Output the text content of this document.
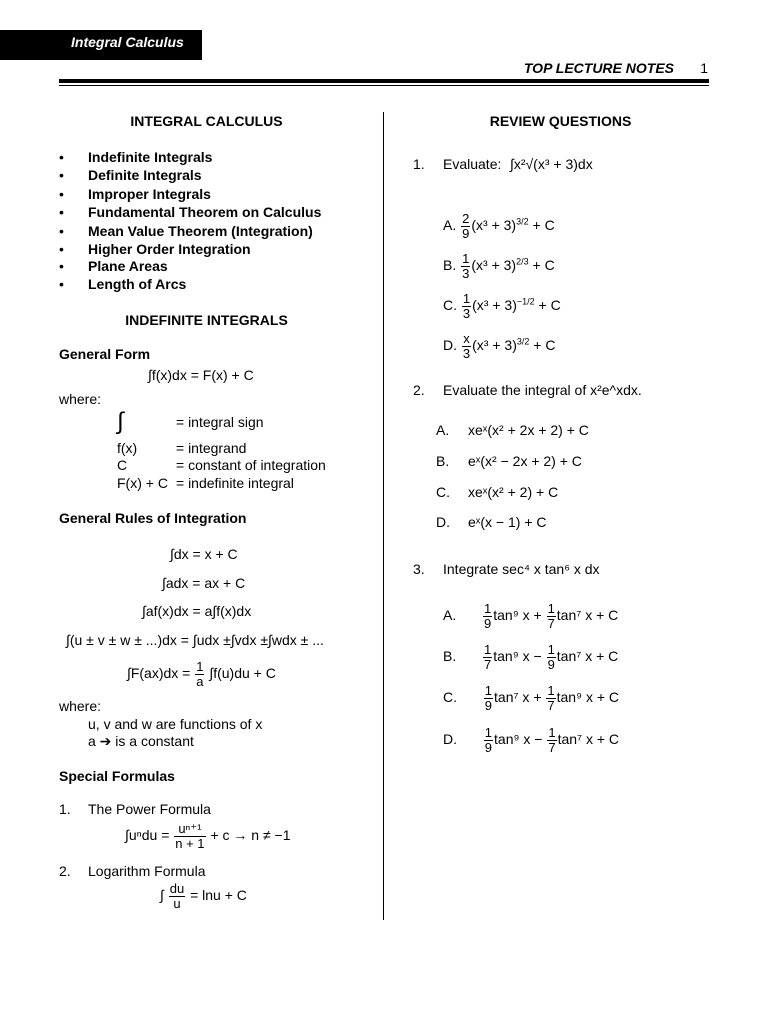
Integral Calculus
TOP LECTURE NOTES 1
INTEGRAL CALCULUS
• Indefinite Integrals
• Definite Integrals
• Improper Integrals
• Fundamental Theorem on Calculus
• Mean Value Theorem (Integration)
• Higher Order Integration
• Plane Areas
• Length of Arcs
INDEFINITE INTEGRALS
General Form
∫f(x)dx = F(x) + C
where:
∫	= integral sign
f(x)	= integrand
C	= constant of integration
F(x) + C = indefinite integral
General Rules of Integration
∫dx = x + C
∫adx = ax + C
∫af(x)dx = a∫f(x)dx
∫(u ± v ± w ± ...)dx = ∫udx ±∫vdx ±∫wdx ± ...
$\int F(ax)dx = \frac{1}{a} \int f(u)du + C$
where:
u, v and w are functions of x
a ➔ is a constant
Special Formulas
1. The Power Formula
$\int u^ndu = \frac{\text{uⁿ⁺¹}}{n + 1} + c \to n \ne -1$
2. Logarithm Formula
∫ $\frac{du}{u} = \ln u + C$
REVIEW QUESTIONS
1. Evaluate: ∫x²√(x³ + 3)dx
A. $\frac{2}{9} (x^3 + 3)^{3/2} + C$
B. $\frac{1}{3} (x^3 + 3)^{2/3} + C$
C. $\frac{1}{3} (x^3 + 3)^{-1/2} + C$
D. $\frac{x}{3} (x^3 + 3)^{3/2} + C$
2. Evaluate the integral of x²e^xdx.
A. xeˣ(x² + 2x + 2) + C
B. eˣ(x² − 2x + 2) + C
C. xeˣ(x² + 2) + C
D. eˣ(x − 1) + C
3. Integrate sec⁴ x tan⁶ x dx
A. $\frac{1}{9} \tan^9$ $x + \frac{1}{7} \tan^7$ x + C
B. $\frac{1}{7} \tan^9$ $x - \frac{1}{9} \tan^7$ x + C
C. $\frac{1}{9} \tan^7$ $x + \frac{1}{7} \tan^9$ x + C
D. $\frac{1}{9} \tan^9$ $x - \frac{1}{7} \tan^7$ x + C
